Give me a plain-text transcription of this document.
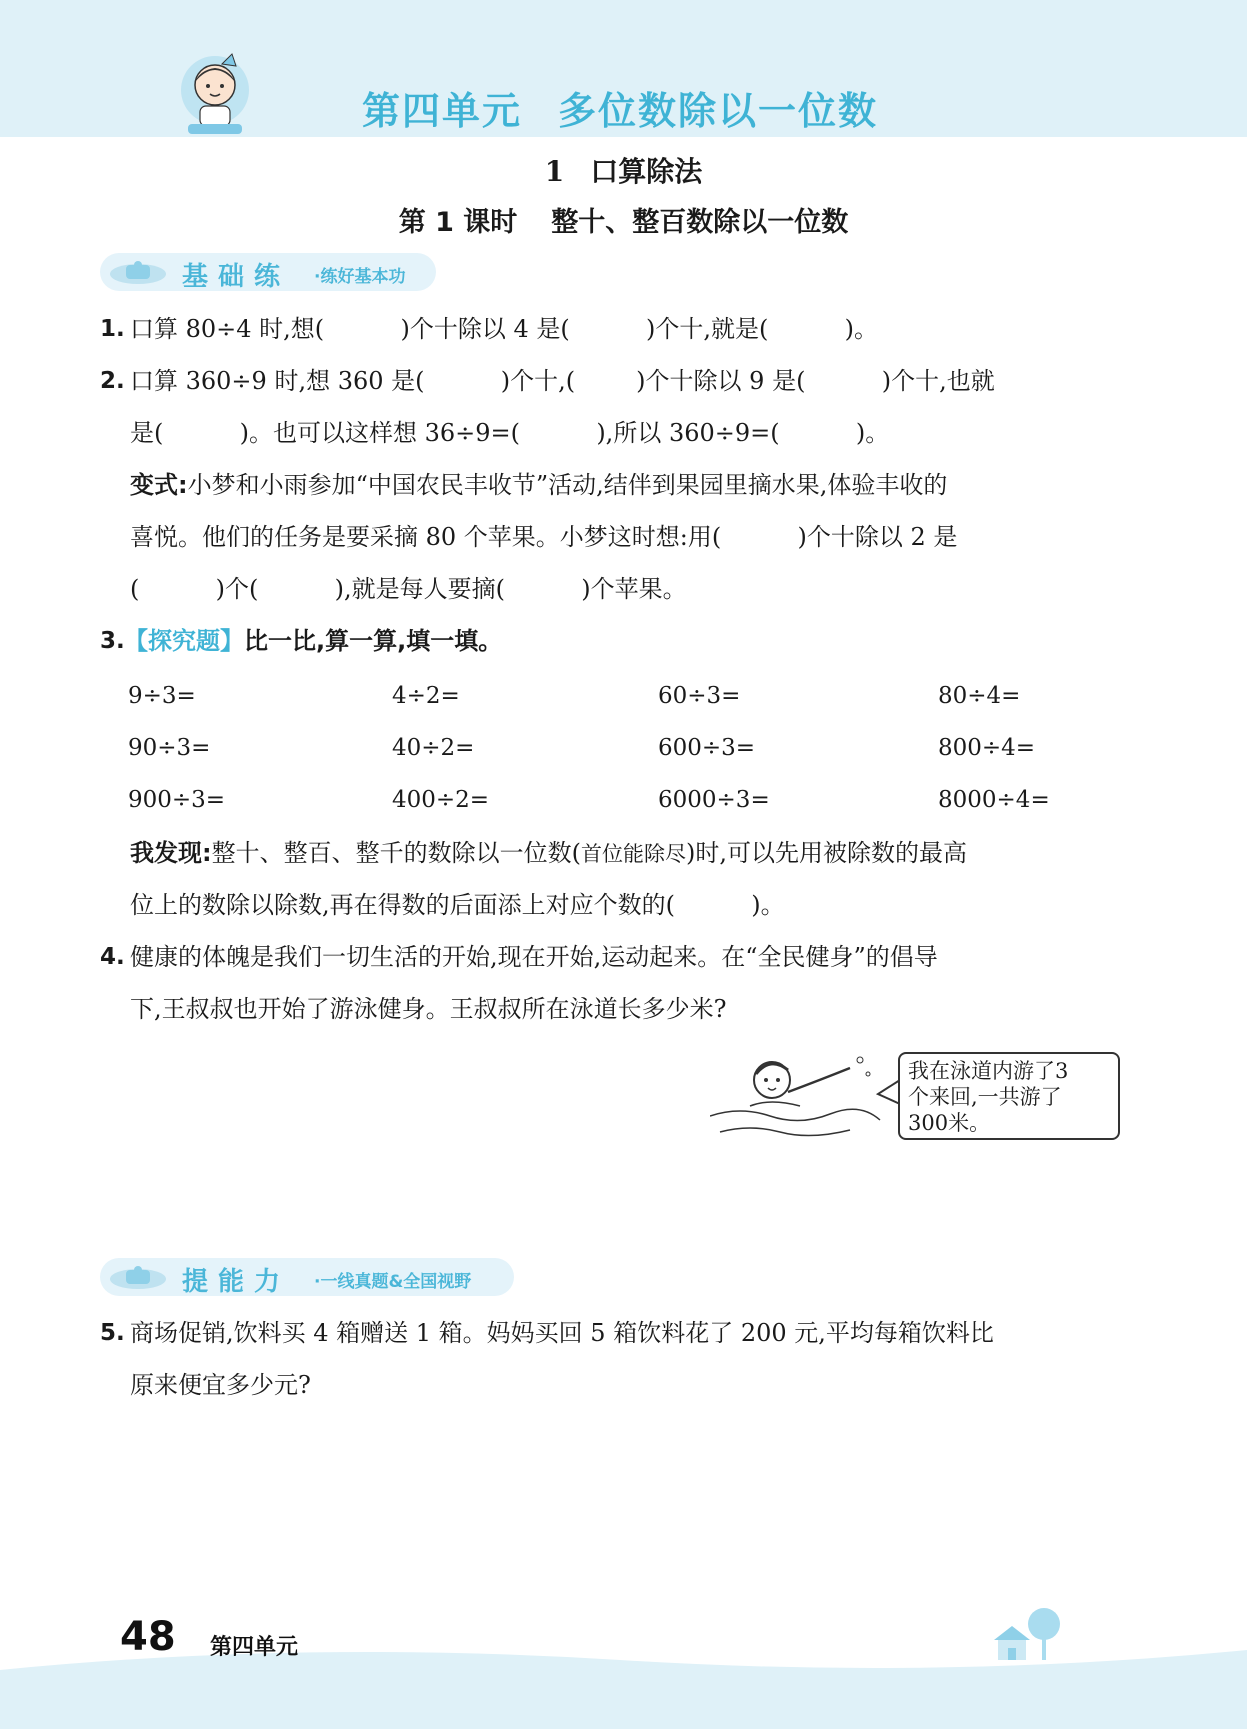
第四单元 多位数除以一位数
1 口算除法
第 1 课时 整十、整百数除以一位数
基础练 ·练好基本功
1. 口算 80÷4 时,想(          )个十除以 4 是(          )个十,就是(          )。
2. 口算 360÷9 时,想 360 是(          )个十,(        )个十除以 9 是(          )个十,也就
是(          )。也可以这样想 36÷9=(          ),所以 360÷9=(          )。
变式:小梦和小雨参加“中国农民丰收节”活动,结伴到果园里摘水果,体验丰收的
喜悦。他们的任务是要采摘 80 个苹果。小梦这时想:用(          )个十除以 2 是
(          )个(          ),就是每人要摘(          )个苹果。
3. 【探究题】比一比,算一算,填一填。
9÷3=	4÷2=	60÷3=	80÷4=
90÷3=	40÷2=	600÷3=	800÷4=
900÷3=	400÷2=	6000÷3=	8000÷4=
我发现:整十、整百、整千的数除以一位数(首位能除尽)时,可以先用被除数的最高
位上的数除以除数,再在得数的后面添上对应个数的(          )。
4. 健康的体魄是我们一切生活的开始,现在开始,运动起来。在“全民健身”的倡导
下,王叔叔也开始了游泳健身。王叔叔所在泳道长多少米?
我在泳道内游了3
个来回,一共游了
300米。
提能力 ·一线真题&全国视野
5. 商场促销,饮料买 4 箱赠送 1 箱。妈妈买回 5 箱饮料花了 200 元,平均每箱饮料比
原来便宜多少元?
48 第四单元
